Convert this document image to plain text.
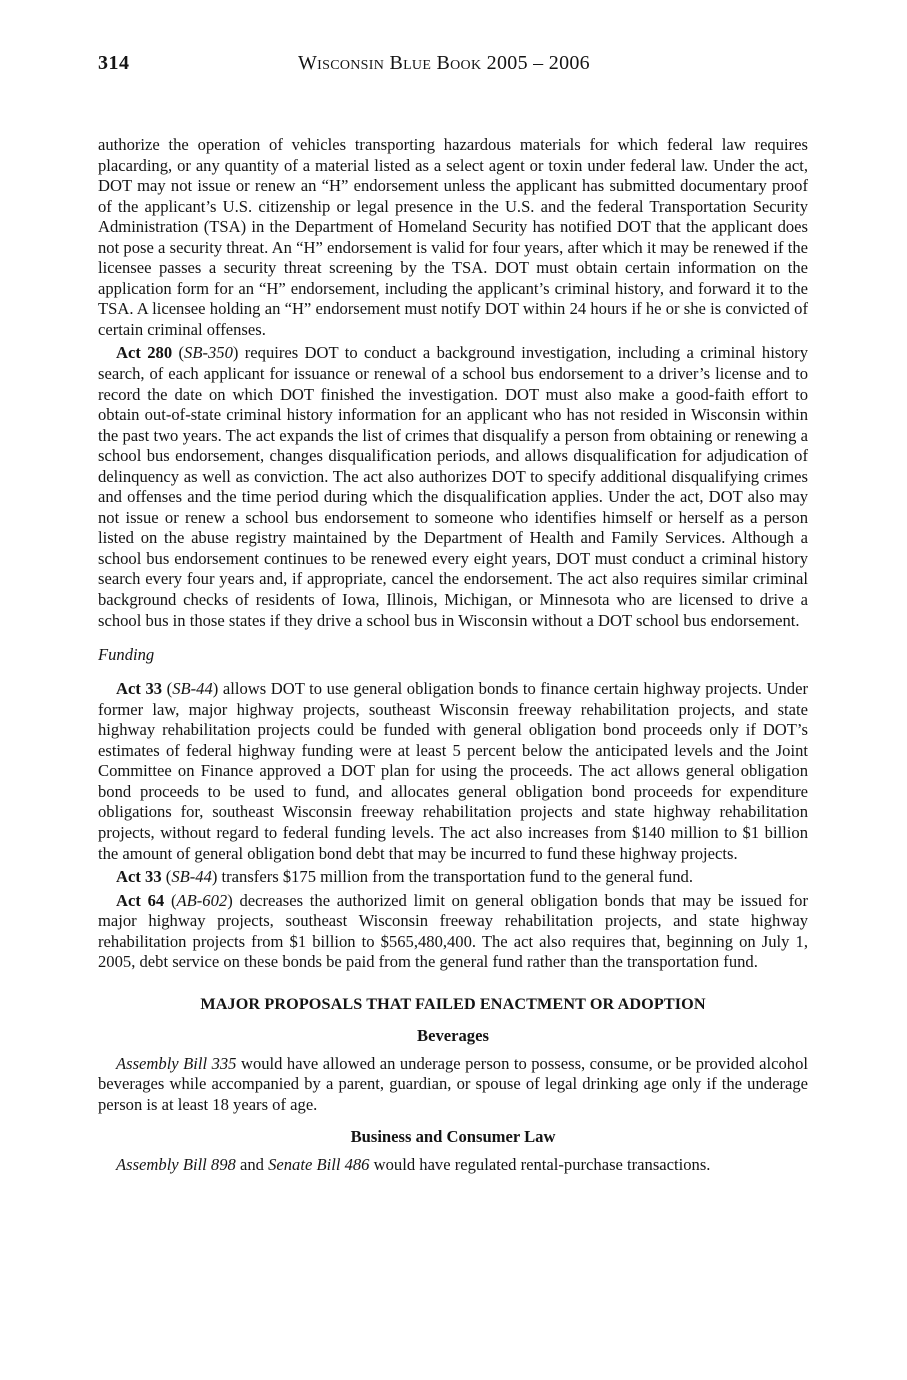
314	Wisconsin Blue Book 2005 – 2006

authorize the operation of vehicles transporting hazardous materials for which federal law requires placarding, or any quantity of a material listed as a select agent or toxin under federal law. Under the act, DOT may not issue or renew an “H” endorsement unless the applicant has submitted documentary proof of the applicant’s U.S. citizenship or legal presence in the U.S. and the federal Transportation Security Administration (TSA) in the Department of Homeland Security has notified DOT that the applicant does not pose a security threat. An “H” endorsement is valid for four years, after which it may be renewed if the licensee passes a security threat screening by the TSA. DOT must obtain certain information on the application form for an “H” endorsement, including the applicant’s criminal history, and forward it to the TSA. A licensee holding an “H” endorsement must notify DOT within 24 hours if he or she is convicted of certain criminal offenses.

Act 280 (SB-350) requires DOT to conduct a background investigation, including a criminal history search, of each applicant for issuance or renewal of a school bus endorsement to a driver’s license and to record the date on which DOT finished the investigation. DOT must also make a good-faith effort to obtain out-of-state criminal history information for an applicant who has not resided in Wisconsin within the past two years. The act expands the list of crimes that disqualify a person from obtaining or renewing a school bus endorsement, changes disqualification periods, and allows disqualification for adjudication of delinquency as well as conviction. The act also authorizes DOT to specify additional disqualifying crimes and offenses and the time period during which the disqualification applies. Under the act, DOT also may not issue or renew a school bus endorsement to someone who identifies himself or herself as a person listed on the abuse registry maintained by the Department of Health and Family Services. Although a school bus endorsement continues to be renewed every eight years, DOT must conduct a criminal history search every four years and, if appropriate, cancel the endorsement. The act also requires similar criminal background checks of residents of Iowa, Illinois, Michigan, or Minnesota who are licensed to drive a school bus in those states if they drive a school bus in Wisconsin without a DOT school bus endorsement.

Funding

Act 33 (SB-44) allows DOT to use general obligation bonds to finance certain highway projects. Under former law, major highway projects, southeast Wisconsin freeway rehabilitation projects, and state highway rehabilitation projects could be funded with general obligation bond proceeds only if DOT’s estimates of federal highway funding were at least 5 percent below the anticipated levels and the Joint Committee on Finance approved a DOT plan for using the proceeds. The act allows general obligation bond proceeds to be used to fund, and allocates general obligation bond proceeds for expenditure obligations for, southeast Wisconsin freeway rehabilitation projects and state highway rehabilitation projects, without regard to federal funding levels. The act also increases from $140 million to $1 billion the amount of general obligation bond debt that may be incurred to fund these highway projects.

Act 33 (SB-44) transfers $175 million from the transportation fund to the general fund.

Act 64 (AB-602) decreases the authorized limit on general obligation bonds that may be issued for major highway projects, southeast Wisconsin freeway rehabilitation projects, and state highway rehabilitation projects from $1 billion to $565,480,400. The act also requires that, beginning on July 1, 2005, debt service on these bonds be paid from the general fund rather than the transportation fund.

MAJOR PROPOSALS THAT FAILED ENACTMENT OR ADOPTION
Beverages

Assembly Bill 335 would have allowed an underage person to possess, consume, or be provided alcohol beverages while accompanied by a parent, guardian, or spouse of legal drinking age only if the underage person is at least 18 years of age.

Business and Consumer Law

Assembly Bill 898 and Senate Bill 486 would have regulated rental-purchase transactions.
